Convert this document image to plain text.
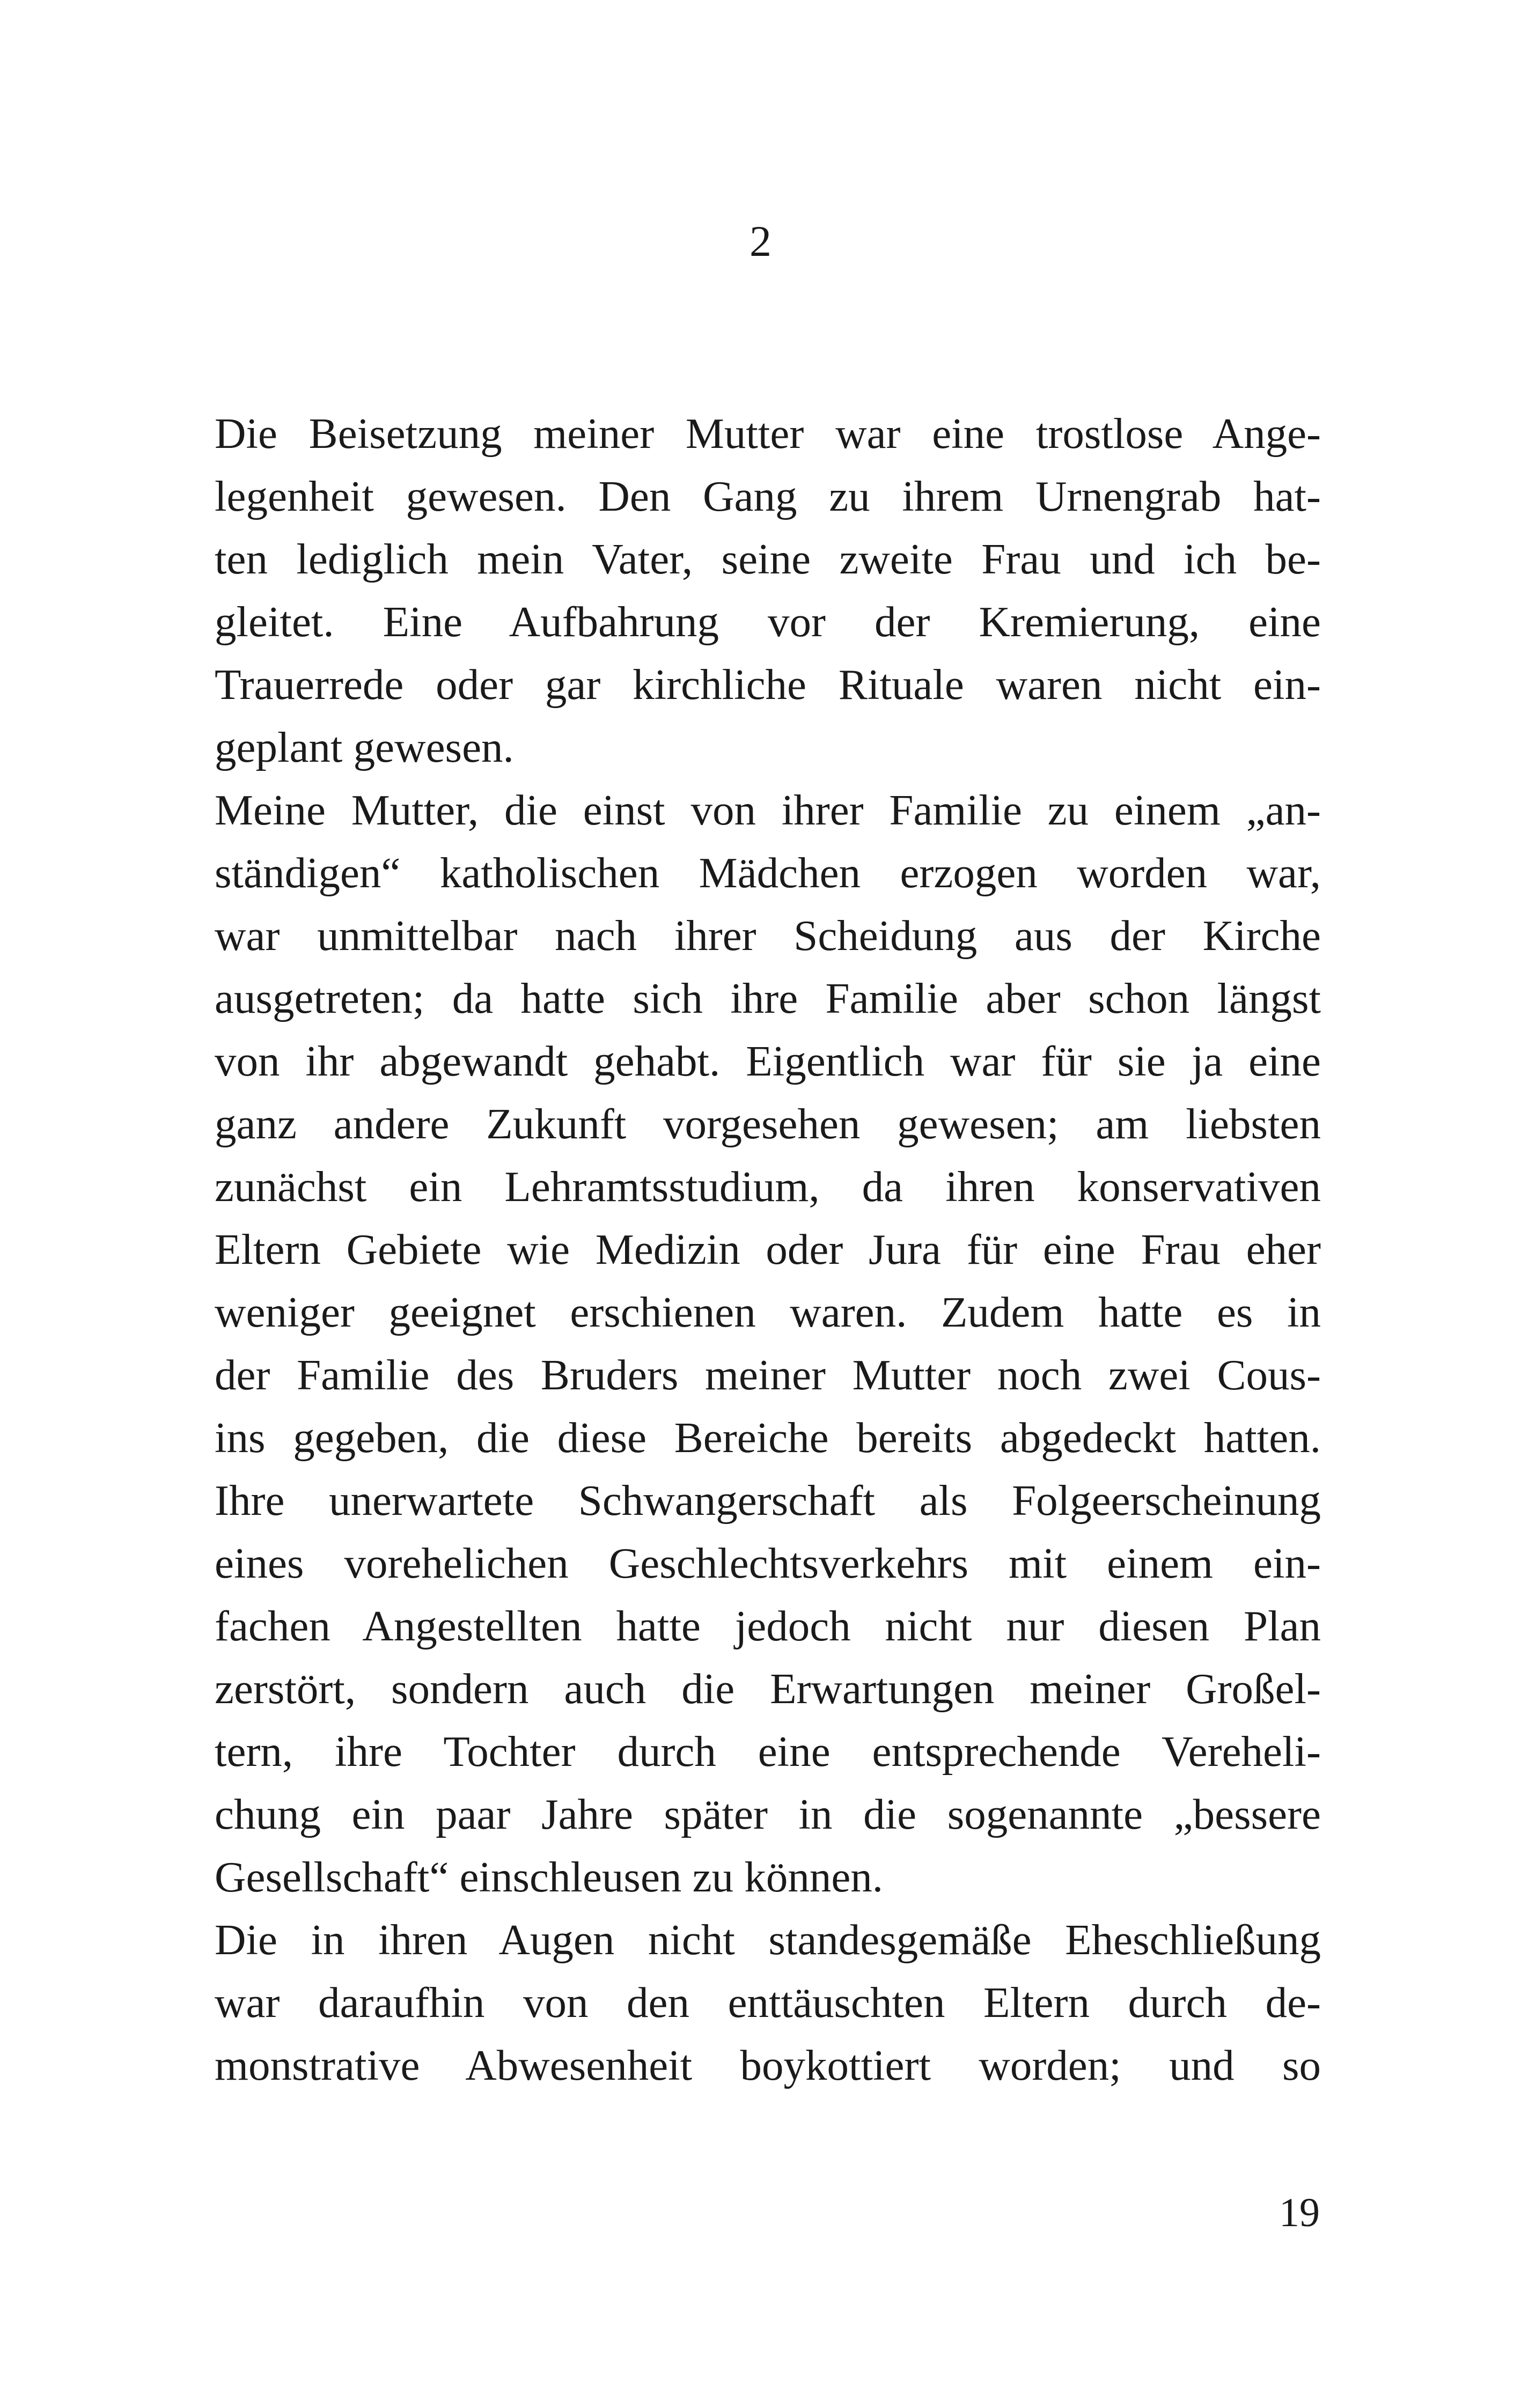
2
Die Beisetzung meiner Mutter war eine trostlose Ange-
legenheit gewesen. Den Gang zu ihrem Urnengrab hat-
ten lediglich mein Vater, seine zweite Frau und ich be-
gleitet. Eine Aufbahrung vor der Kremierung, eine
Trauerrede oder gar kirchliche Rituale waren nicht ein-
geplant gewesen.
Meine Mutter, die einst von ihrer Familie zu einem „an-
ständigen“ katholischen Mädchen erzogen worden war,
war unmittelbar nach ihrer Scheidung aus der Kirche
ausgetreten; da hatte sich ihre Familie aber schon längst
von ihr abgewandt gehabt. Eigentlich war für sie ja eine
ganz andere Zukunft vorgesehen gewesen; am liebsten
zunächst ein Lehramtsstudium, da ihren konservativen
Eltern Gebiete wie Medizin oder Jura für eine Frau eher
weniger geeignet erschienen waren. Zudem hatte es in
der Familie des Bruders meiner Mutter noch zwei Cous-
ins gegeben, die diese Bereiche bereits abgedeckt hatten.
Ihre unerwartete Schwangerschaft als Folgeerscheinung
eines vorehelichen Geschlechtsverkehrs mit einem ein-
fachen Angestellten hatte jedoch nicht nur diesen Plan
zerstört, sondern auch die Erwartungen meiner Großel-
tern, ihre Tochter durch eine entsprechende Vereheli-
chung ein paar Jahre später in die sogenannte „bessere
Gesellschaft“ einschleusen zu können.
Die in ihren Augen nicht standesgemäße Eheschließung
war daraufhin von den enttäuschten Eltern durch de-
monstrative Abwesenheit boykottiert worden; und so
19
